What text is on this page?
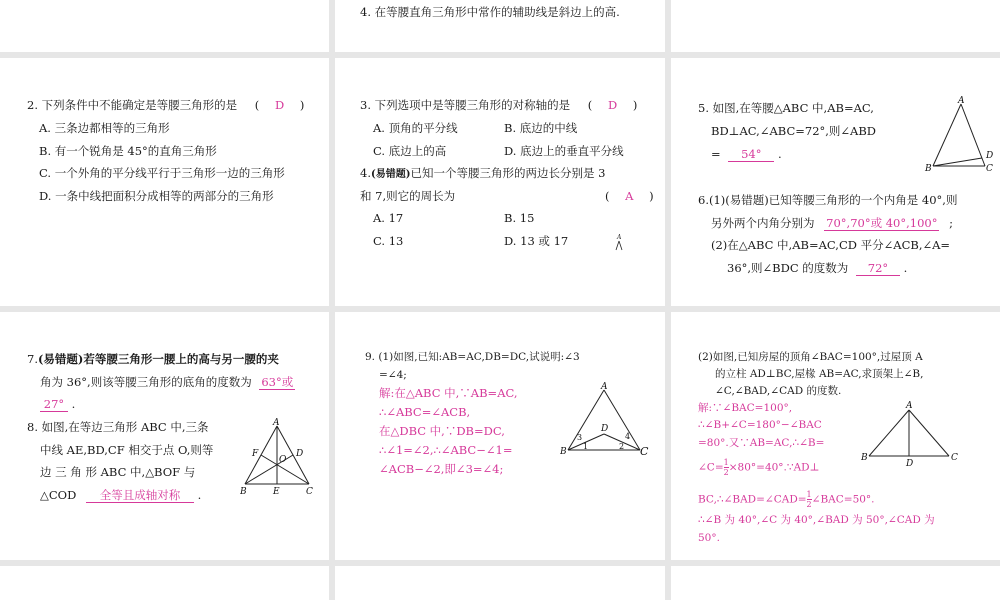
4. 在等腰直角三角形中常作的辅助线是斜边上的高.
2. 下列条件中不能确定是等腰三角形的是 ( D )
A. 三条边都相等的三角形
B. 有一个锐角是 45°的直角三角形
C. 一个外角的平分线平行于三角形一边的三角形
D. 一条中线把面积分成相等的两部分的三角形
3. 下列选项中是等腰三角形的对称轴的是 ( D )
A. 顶角的平分线	B. 底边的中线
C. 底边上的高	D. 底边上的垂直平分线
4.(易错题)已知一个等腰三角形的两边长分别是 3
和 7,则它的周长为	( A )
A. 17	B. 15
C. 13	D. 13 或 17	A
5. 如图,在等腰△ABC 中,AB=AC,
BD⊥AC,∠ABC=72°,则∠ABD
= 54° .
A
B	C
D
6.(1)(易错题)已知等腰三角形的一个内角是 40°,则
另外两个内角分别为 70°,70°或 40°,100° ;
(2)在△ABC 中,AB=AC,CD 平分∠ACB,∠A=
36°,则∠BDC 的度数为 72° .
7.(易错题)若等腰三角形一腰上的高与另一腰的夹
角为 36°,则该等腰三角形的底角的度数为 63°或
27° .
8. 如图,在等边三角形 ABC 中,三条
中线 AE,BD,CF 相交于点 O,则等
边 三 角 形 ABC 中,△BOF 与
△COD 全等且成轴对称 .
A
B	C
D
E
F
O
9. (1)如图,已知:AB=AC,DB=DC,试说明:∠3
=∠4;
解:在△ABC 中,∵AB=AC,
∴∠ABC=∠ACB,
在△DBC 中,∵DB=DC,
∴∠1=∠2,∴∠ABC−∠1=
∠ACB−∠2,即∠3=∠4;
A
B	C
D
1	2
3	4
(2)如图,已知房屋的顶角∠BAC=100°,过屋顶 A
的立柱 AD⊥BC,屋椽 AB=AC,求顶架上∠B,
∠C,∠BAD,∠CAD 的度数.
解:∵∠BAC=100°,
∴∠B+∠C=180°−∠BAC
=80°.又∵AB=AC,∴∠B=
∠C= $\frac{1}{2}$ ×80°=40°.∵AD⊥
BC,∴∠BAD=∠CAD= $\frac{1}{2}$ ∠BAC=50°.
∴∠B 为 40°,∠C 为 40°,∠BAD 为 50°,∠CAD 为
50°.
A
B	C
D
